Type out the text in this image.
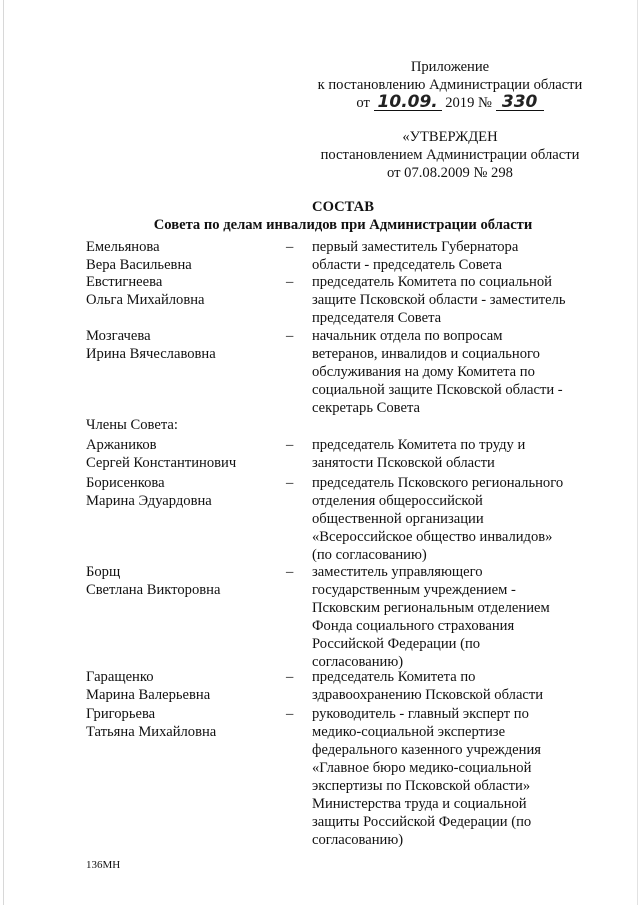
Приложение
к постановлению Администрации области
от 10.09. 2019 № 330
«УТВЕРЖДЕН
постановлением Администрации области
от 07.08.2009 № 298
СОСТАВ
Совета по делам инвалидов при Администрации области
Емельянова
Вера Васильевна
– первый заместитель Губернатора
области - председатель Совета
Евстигнеева
Ольга Михайловна
– председатель Комитета по социальной
защите Псковской области - заместитель
председателя Совета
Мозгачева
Ирина Вячеславовна
– начальник отдела по вопросам
ветеранов, инвалидов и социального
обслуживания на дому Комитета по
социальной защите Псковской области -
секретарь Совета
Члены Совета:
Аржаников
Сергей Константинович
– председатель Комитета по труду и
занятости Псковской области
Борисенкова
Марина Эдуардовна
– председатель Псковского регионального
отделения общероссийской
общественной организации
«Всероссийское общество инвалидов»
(по согласованию)
Борщ
Светлана Викторовна
– заместитель управляющего
государственным учреждением -
Псковским региональным отделением
Фонда социального страхования
Российской Федерации (по
согласованию)
Гаращенко
Марина Валерьевна
– председатель Комитета по
здравоохранению Псковской области
Григорьева
Татьяна Михайловна
– руководитель - главный эксперт по
медико-социальной экспертизе
федерального казенного учреждения
«Главное бюро медико-социальной
экспертизы по Псковской области»
Министерства труда и социальной
защиты Российской Федерации (по
согласованию)
136МН
